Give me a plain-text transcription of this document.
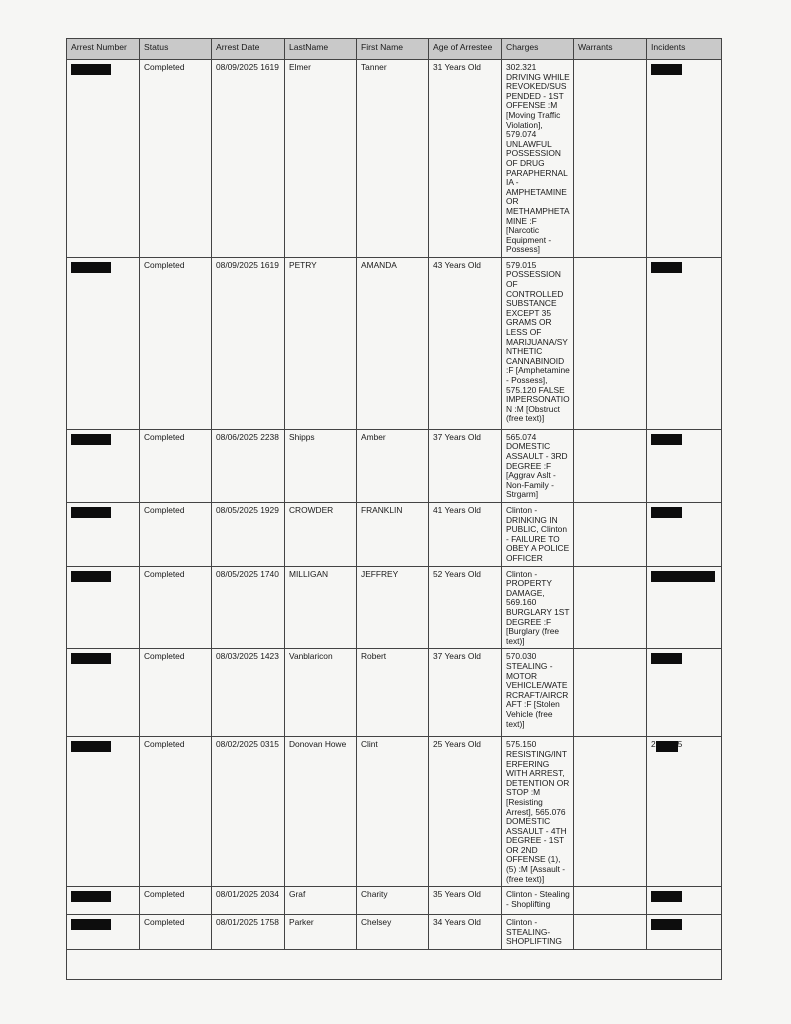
Arrest Number	Status	Arrest Date	LastName	First Name	Age of Arrestee	Charges	Warrants	Incidents
	Completed	08/09/2025 1619	Elmer	Tanner	31 Years Old	302.321 DRIVING WHILE REVOKED/SUSPENDED - 1ST OFFENSE :M [Moving Traffic Violation], 579.074 UNLAWFUL POSSESSION OF DRUG PARAPHERNALIA - AMPHETAMINE OR METHAMPHETAMINE :F [Narcotic Equipment - Possess]		
	Completed	08/09/2025 1619	PETRY	AMANDA	43 Years Old	579.015 POSSESSION OF CONTROLLED SUBSTANCE EXCEPT 35 GRAMS OR LESS OF MARIJUANA/SYNTHETIC CANNABINOID :F [Amphetamine - Possess], 575.120 FALSE IMPERSONATION :M [Obstruct (free text)]		
	Completed	08/06/2025 2238	Shipps	Amber	37 Years Old	565.074 DOMESTIC ASSAULT - 3RD DEGREE :F [Aggrav Aslt - Non-Family - Strgarm]		
	Completed	08/05/2025 1929	CROWDER	FRANKLIN	41 Years Old	Clinton - DRINKING IN PUBLIC, Clinton - FAILURE TO OBEY A POLICE OFFICER		
	Completed	08/05/2025 1740	MILLIGAN	JEFFREY	52 Years Old	Clinton - PROPERTY DAMAGE, 569.160 BURGLARY 1ST DEGREE :F [Burglary (free text)]		
	Completed	08/03/2025 1423	Vanblaricon	Robert	37 Years Old	570.030 STEALING - MOTOR VEHICLE/WATERCRAFT/AIRCRAFT :F [Stolen Vehicle (free text)]		
	Completed	08/02/2025 0315	Donovan Howe	Clint	25 Years Old	575.150 RESISTING/INTERFERING WITH ARREST, DETENTION OR STOP :M [Resisting Arrest], 565.076 DOMESTIC ASSAULT - 4TH DEGREE - 1ST OR 2ND OFFENSE (1),(5) :M [Assault - (free text)]		2 5
	Completed	08/01/2025 2034	Graf	Charity	35 Years Old	Clinton - Stealing - Shoplifting		
	Completed	08/01/2025 1758	Parker	Chelsey	34 Years Old	Clinton - STEALING-SHOPLIFTING		
